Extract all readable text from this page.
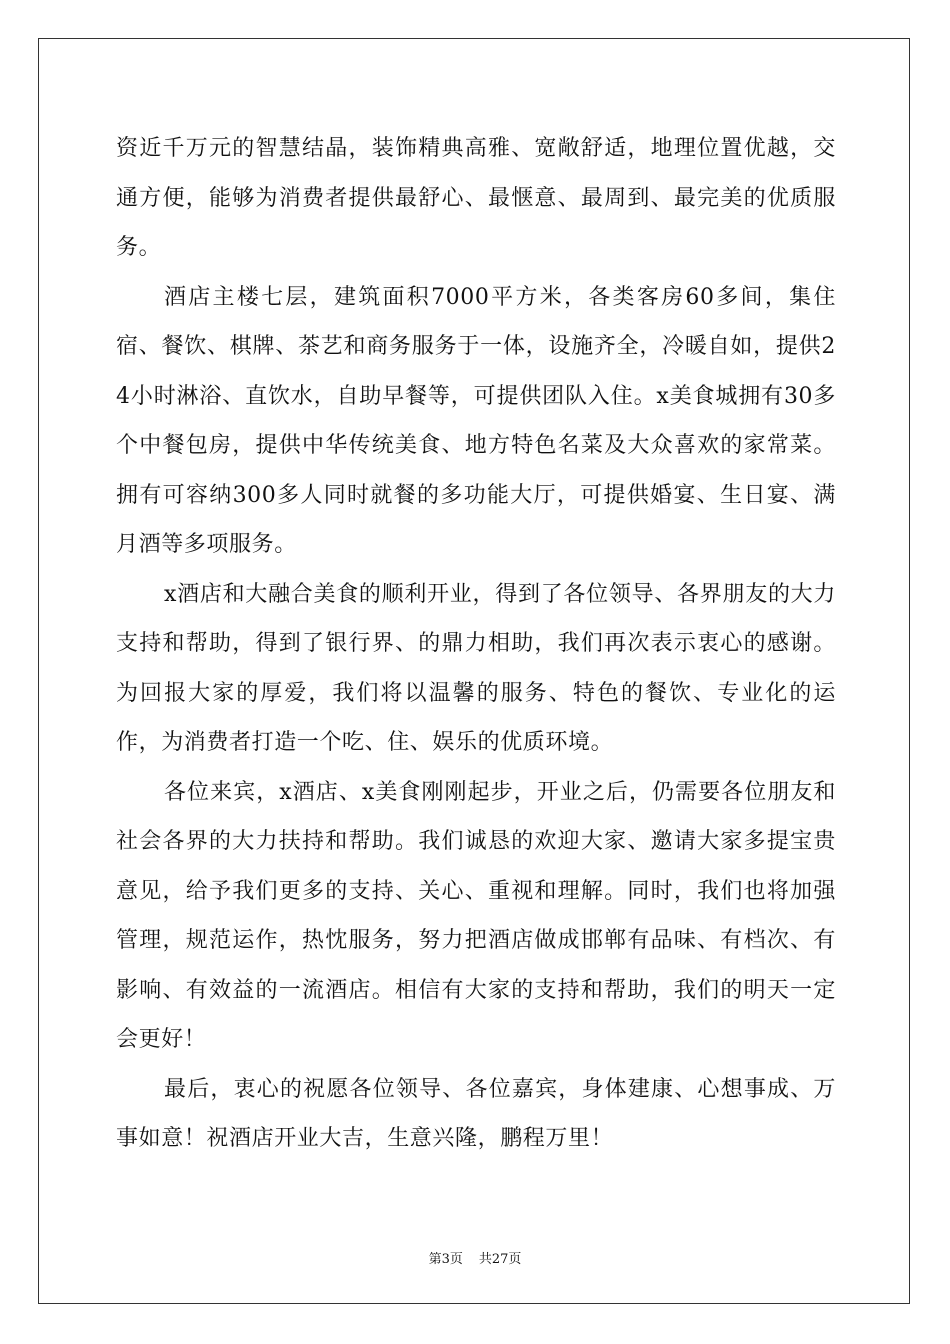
资近千万元的智慧结晶，装饰精典高雅、宽敞舒适，地理位置优越，交通方便，能够为消费者提供最舒心、最惬意、最周到、最完美的优质服务。

酒店主楼七层，建筑面积7000平方米，各类客房60多间，集住宿、餐饮、棋牌、茶艺和商务服务于一体，设施齐全，冷暖自如，提供24小时淋浴、直饮水，自助早餐等，可提供团队入住。x美食城拥有30多个中餐包房，提供中华传统美食、地方特色名菜及大众喜欢的家常菜。拥有可容纳300多人同时就餐的多功能大厅，可提供婚宴、生日宴、满月酒等多项服务。

x酒店和大融合美食的顺利开业，得到了各位领导、各界朋友的大力支持和帮助，得到了银行界、的鼎力相助，我们再次表示衷心的感谢。为回报大家的厚爱，我们将以温馨的服务、特色的餐饮、专业化的运作，为消费者打造一个吃、住、娱乐的优质环境。

各位来宾，x酒店、x美食刚刚起步，开业之后，仍需要各位朋友和社会各界的大力扶持和帮助。我们诚恳的欢迎大家、邀请大家多提宝贵意见，给予我们更多的支持、关心、重视和理解。同时，我们也将加强管理，规范运作，热忱服务，努力把酒店做成邯郸有品味、有档次、有影响、有效益的一流酒店。相信有大家的支持和帮助，我们的明天一定会更好！

最后，衷心的祝愿各位领导、各位嘉宾，身体建康、心想事成、万事如意！祝酒店开业大吉，生意兴隆，鹏程万里！

第3页 共27页
